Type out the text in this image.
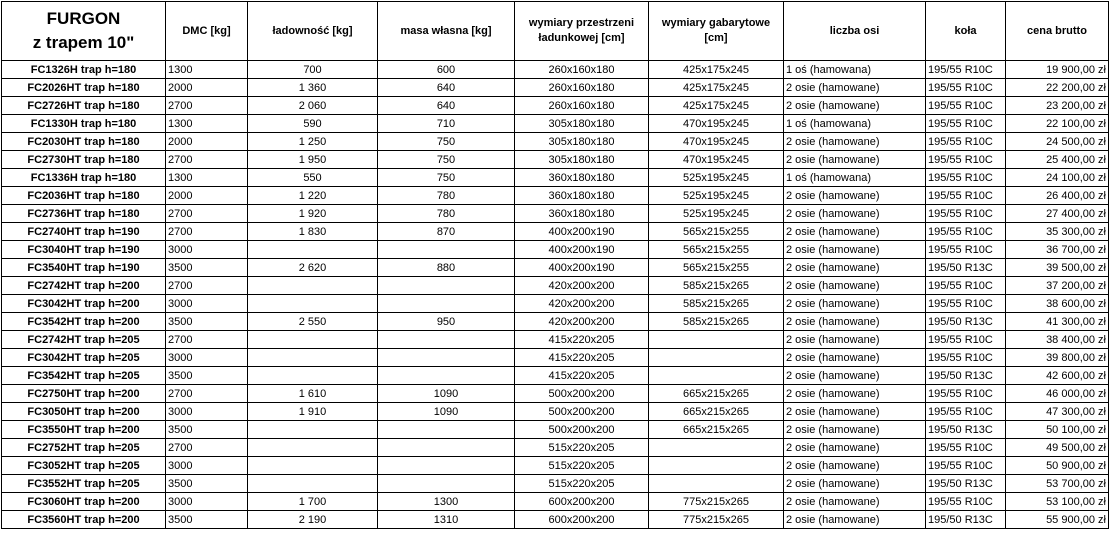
FURGON
z trapem 10"	DMC [kg]	ładowność [kg]	masa własna [kg]	wymiary przestrzeni ładunkowej [cm]	wymiary gabarytowe [cm]	liczba osi	koła	cena brutto
FC1326H trap h=180	1300	700	600	260x160x180	425x175x245	1 oś (hamowana)	195/55 R10C	19 900,00 zł
FC2026HT trap h=180	2000	1 360	640	260x160x180	425x175x245	2 osie (hamowane)	195/55 R10C	22 200,00 zł
FC2726HT trap h=180	2700	2 060	640	260x160x180	425x175x245	2 osie (hamowane)	195/55 R10C	23 200,00 zł
FC1330H trap h=180	1300	590	710	305x180x180	470x195x245	1 oś (hamowana)	195/55 R10C	22 100,00 zł
FC2030HT trap h=180	2000	1 250	750	305x180x180	470x195x245	2 osie (hamowane)	195/55 R10C	24 500,00 zł
FC2730HT trap h=180	2700	1 950	750	305x180x180	470x195x245	2 osie (hamowane)	195/55 R10C	25 400,00 zł
FC1336H trap h=180	1300	550	750	360x180x180	525x195x245	1 oś (hamowana)	195/55 R10C	24 100,00 zł
FC2036HT trap h=180	2000	1 220	780	360x180x180	525x195x245	2 osie (hamowane)	195/55 R10C	26 400,00 zł
FC2736HT trap h=180	2700	1 920	780	360x180x180	525x195x245	2 osie (hamowane)	195/55 R10C	27 400,00 zł
FC2740HT trap h=190	2700	1 830	870	400x200x190	565x215x255	2 osie (hamowane)	195/55 R10C	35 300,00 zł
FC3040HT trap h=190	3000			400x200x190	565x215x255	2 osie (hamowane)	195/55 R10C	36 700,00 zł
FC3540HT trap h=190	3500	2 620	880	400x200x190	565x215x255	2 osie (hamowane)	195/50 R13C	39 500,00 zł
FC2742HT trap h=200	2700			420x200x200	585x215x265	2 osie (hamowane)	195/55 R10C	37 200,00 zł
FC3042HT trap h=200	3000			420x200x200	585x215x265	2 osie (hamowane)	195/55 R10C	38 600,00 zł
FC3542HT trap h=200	3500	2 550	950	420x200x200	585x215x265	2 osie (hamowane)	195/50 R13C	41 300,00 zł
FC2742HT trap h=205	2700			415x220x205		2 osie (hamowane)	195/55 R10C	38 400,00 zł
FC3042HT trap h=205	3000			415x220x205		2 osie (hamowane)	195/55 R10C	39 800,00 zł
FC3542HT trap h=205	3500			415x220x205		2 osie (hamowane)	195/50 R13C	42 600,00 zł
FC2750HT trap h=200	2700	1 610	1090	500x200x200	665x215x265	2 osie (hamowane)	195/55 R10C	46 000,00 zł
FC3050HT trap h=200	3000	1 910	1090	500x200x200	665x215x265	2 osie (hamowane)	195/55 R10C	47 300,00 zł
FC3550HT trap h=200	3500			500x200x200	665x215x265	2 osie (hamowane)	195/50 R13C	50 100,00 zł
FC2752HT trap h=205	2700			515x220x205		2 osie (hamowane)	195/55 R10C	49 500,00 zł
FC3052HT trap h=205	3000			515x220x205		2 osie (hamowane)	195/55 R10C	50 900,00 zł
FC3552HT trap h=205	3500			515x220x205		2 osie (hamowane)	195/50 R13C	53 700,00 zł
FC3060HT trap h=200	3000	1 700	1300	600x200x200	775x215x265	2 osie (hamowane)	195/55 R10C	53 100,00 zł
FC3560HT trap h=200	3500	2 190	1310	600x200x200	775x215x265	2 osie (hamowane)	195/50 R13C	55 900,00 zł
